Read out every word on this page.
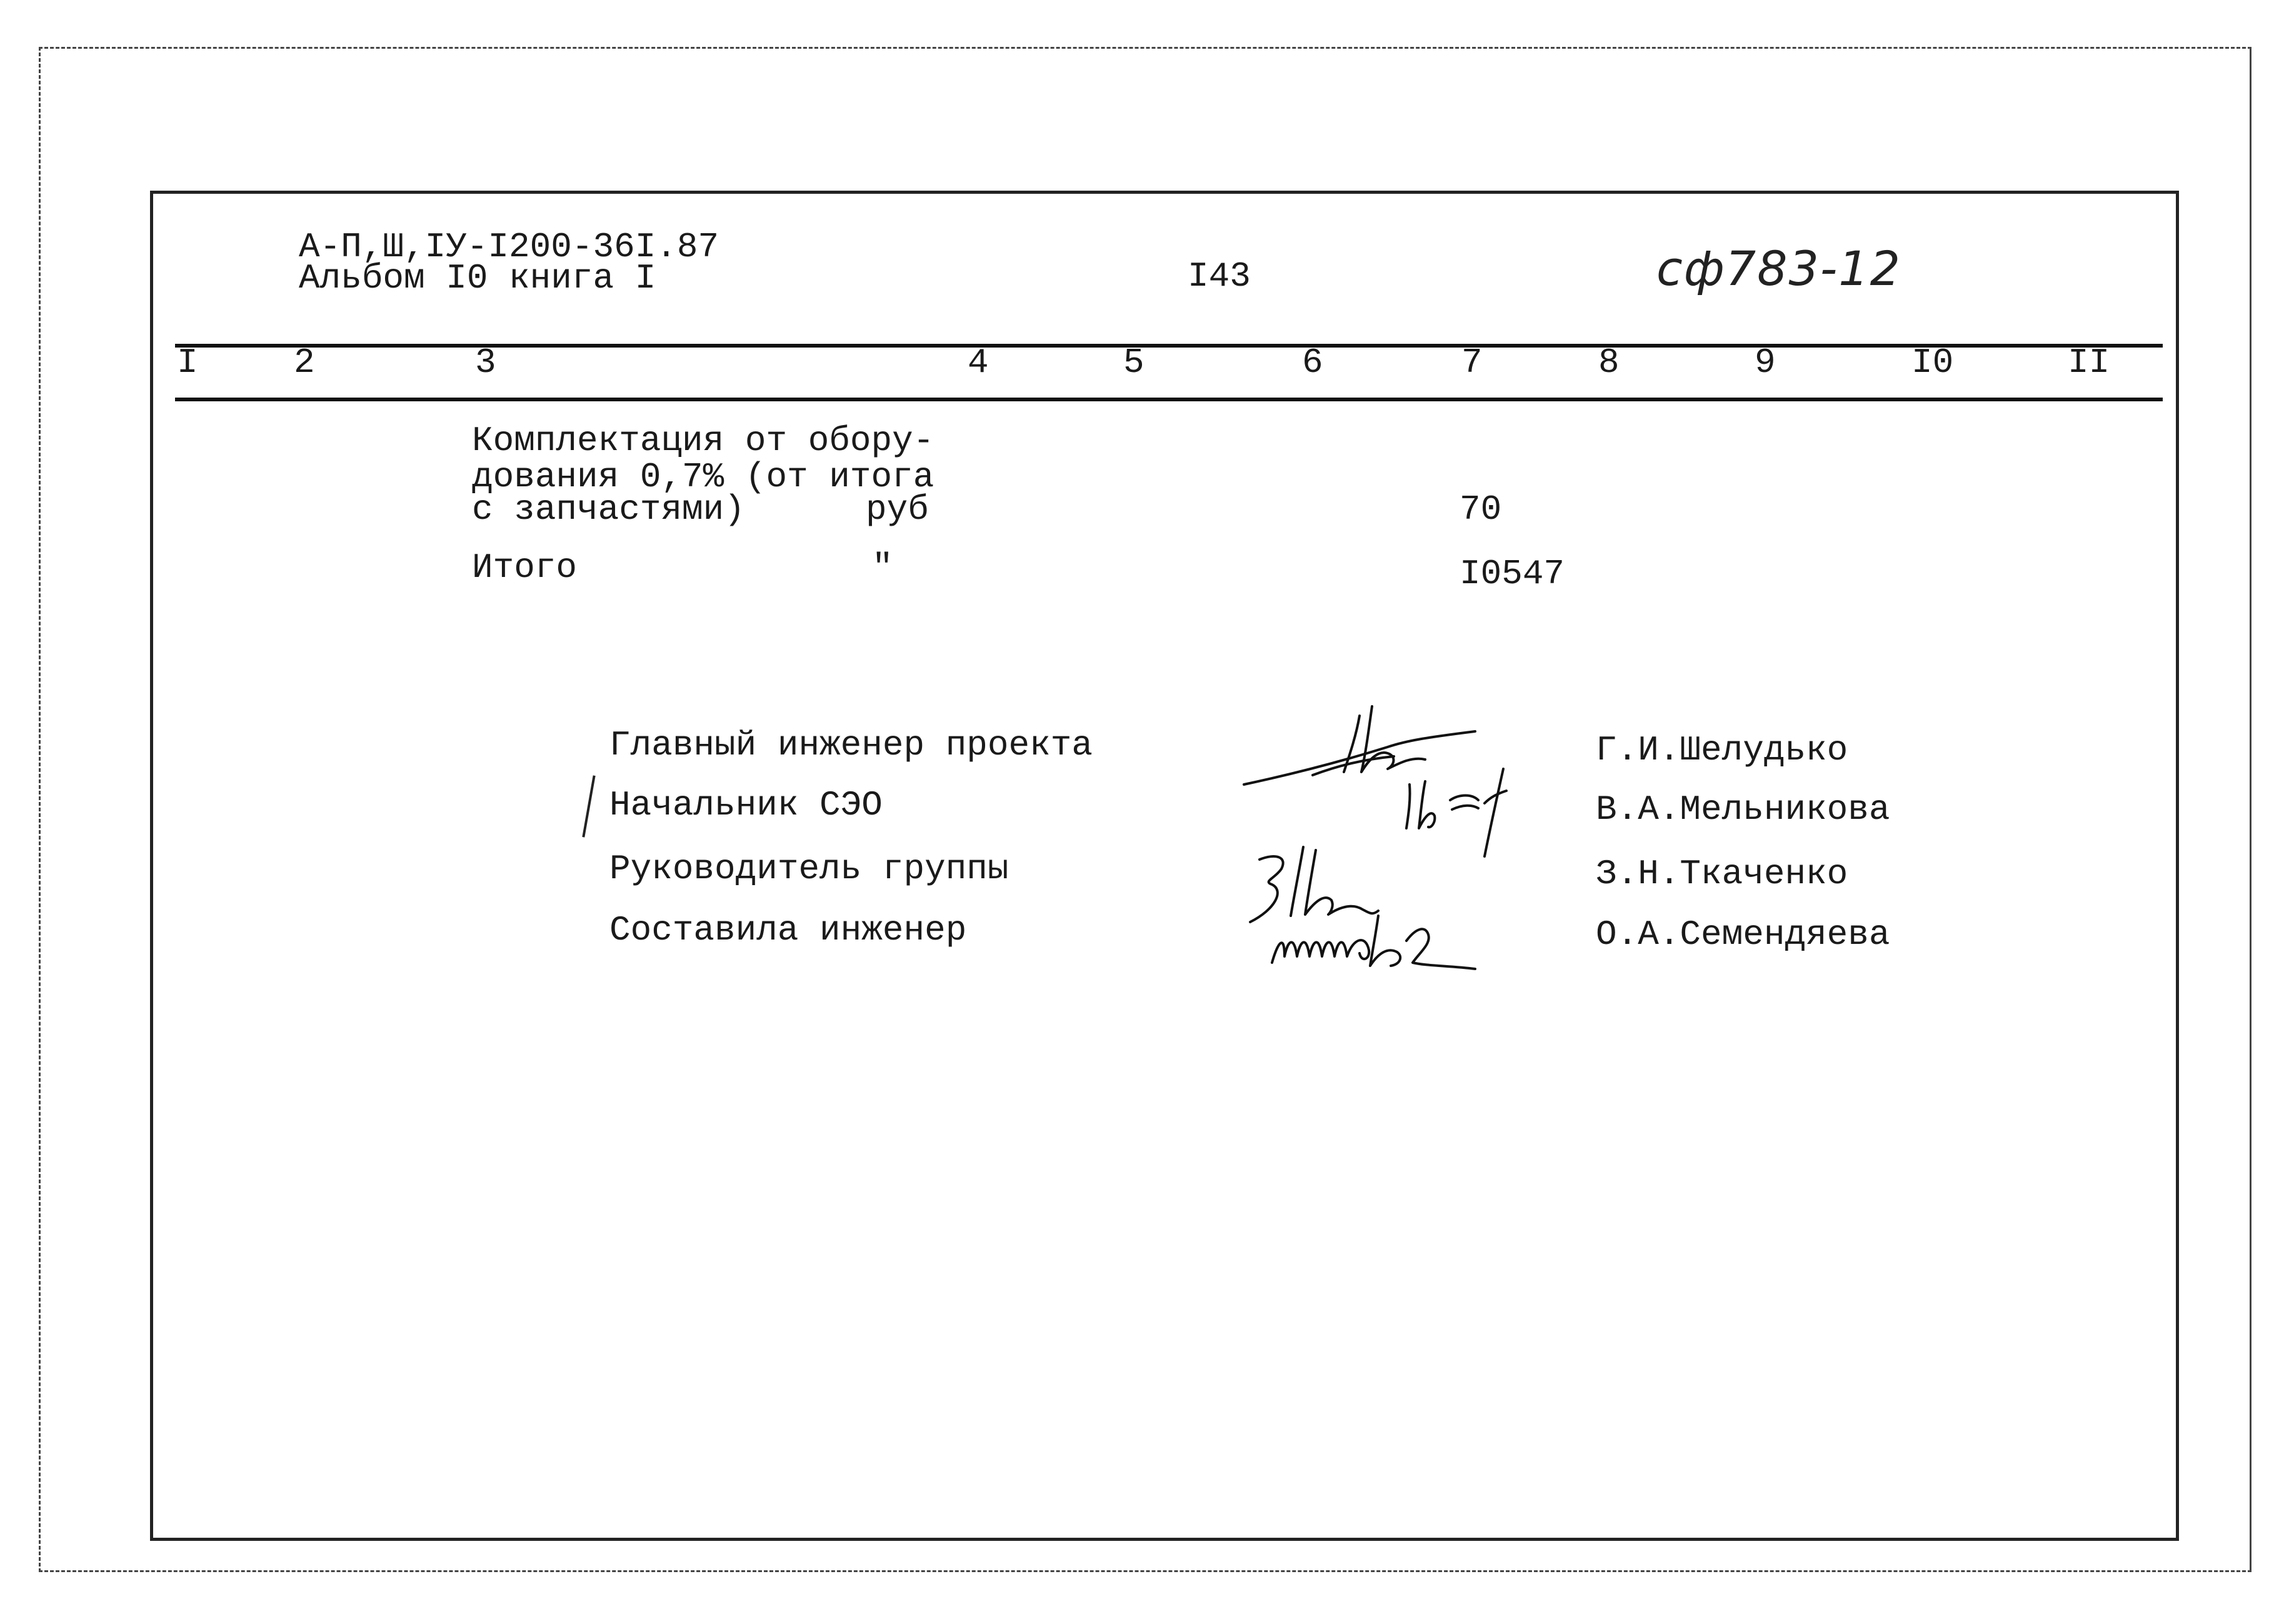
А-П,Ш,IУ-I200-36I.87
Альбом I0 книга I	I43	сф783-12
I	2	3	4	5	6	7	8	9	I0	II
Комплектация от обору-
дования 0,7% (от итога
с запчастями)	руб	70
Итого	"	I0547
Главный инженер проекта
Начальник СЭО
Руководитель группы
Составила инженер
Г.И.Шелудько
В.А.Мельникова
З.Н.Ткаченко
О.А.Семендяева
